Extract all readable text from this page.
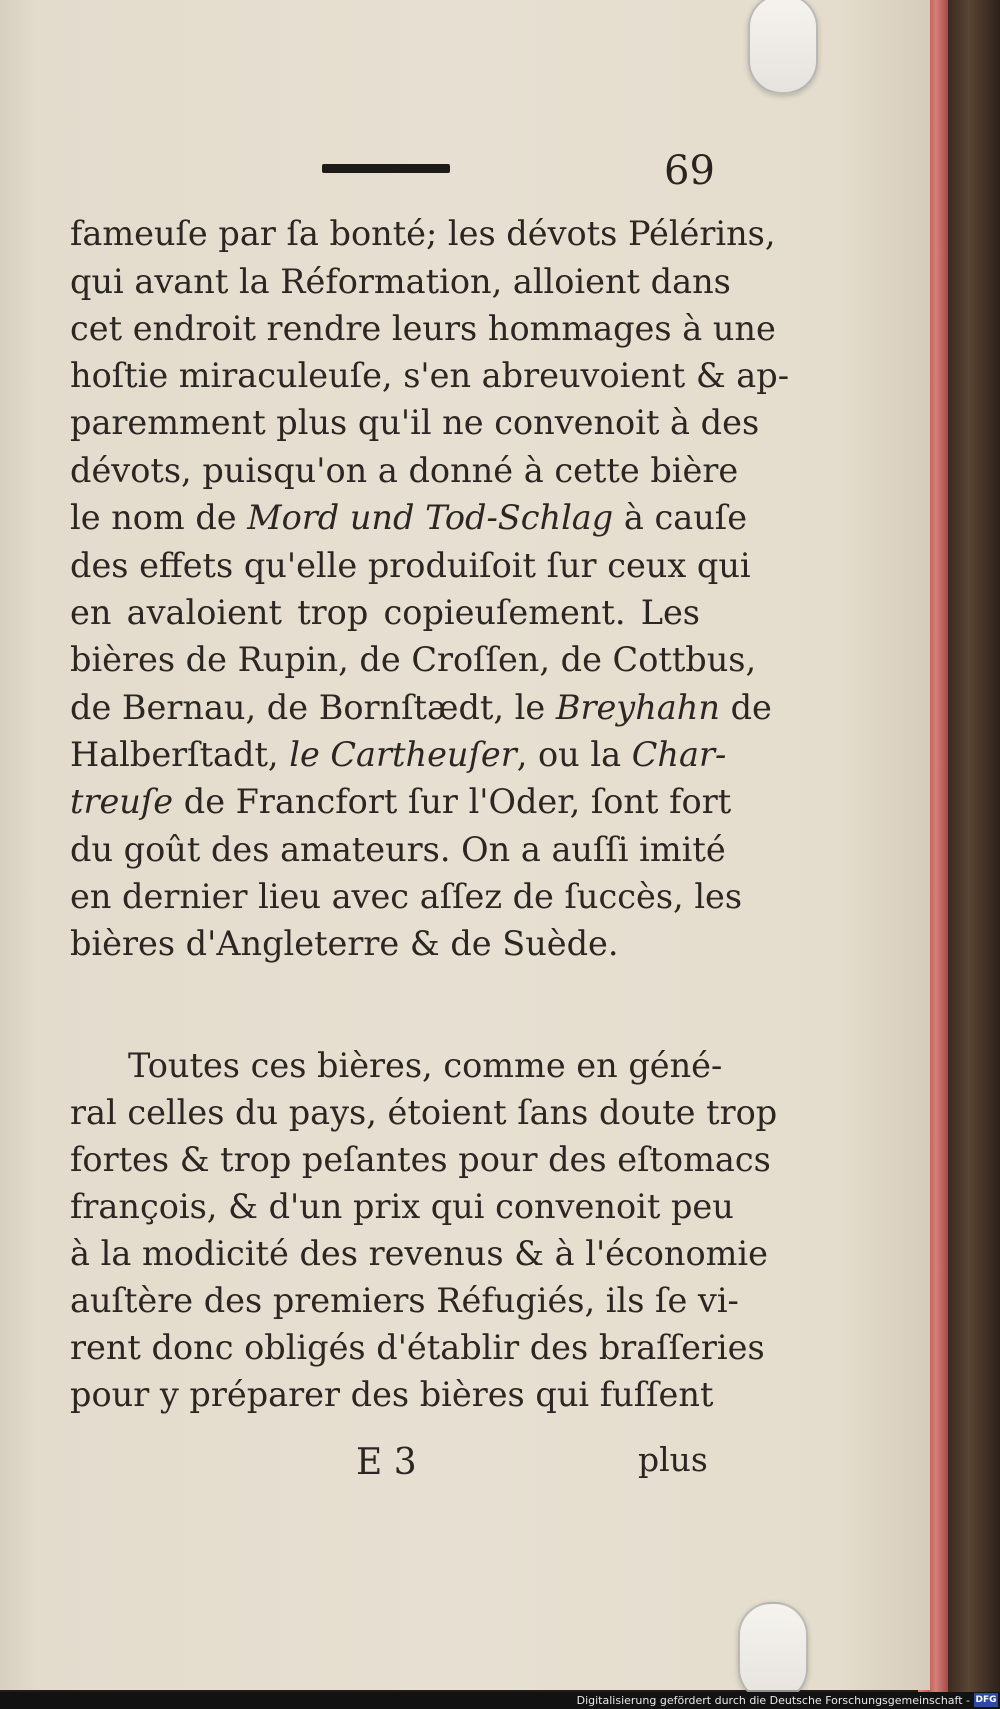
69
fameuſe par ſa bonté; les dévots Pélérins,
qui avant la Réformation, alloient dans
cet endroit rendre leurs hommages à une
hoſtie miraculeuſe, s'en abreuvoient & ap-
paremment plus qu'il ne convenoit à des
dévots, puisqu'on a donné à cette bière
le nom de Mord und Tod-Schlag à cauſe
des effets qu'elle produiſoit ſur ceux qui
en avaloient trop copieuſement. Les
bières de Rupin, de Croſſen, de Cottbus,
de Bernau, de Bornſtædt, le Breyhahn de
Halberſtadt, le Cartheuſer, ou la Char-
treuſe de Francfort ſur l'Oder, ſont fort
du goût des amateurs. On a auſſi imité
en dernier lieu avec aſſez de ſuccès, les
bières d'Angleterre & de Suède.
Toutes ces bières, comme en géné-
ral celles du pays, étoient ſans doute trop
fortes & trop peſantes pour des eſtomacs
françois, & d'un prix qui convenoit peu
à la modicité des revenus & à l'économie
auſtère des premiers Réfugiés, ils ſe vi-
rent donc obligés d'établir des braſſeries
pour y préparer des bières qui fuſſent
E 3	plus
Digitalisierung gefördert durch die Deutsche Forschungsgemeinschaft - DFG
